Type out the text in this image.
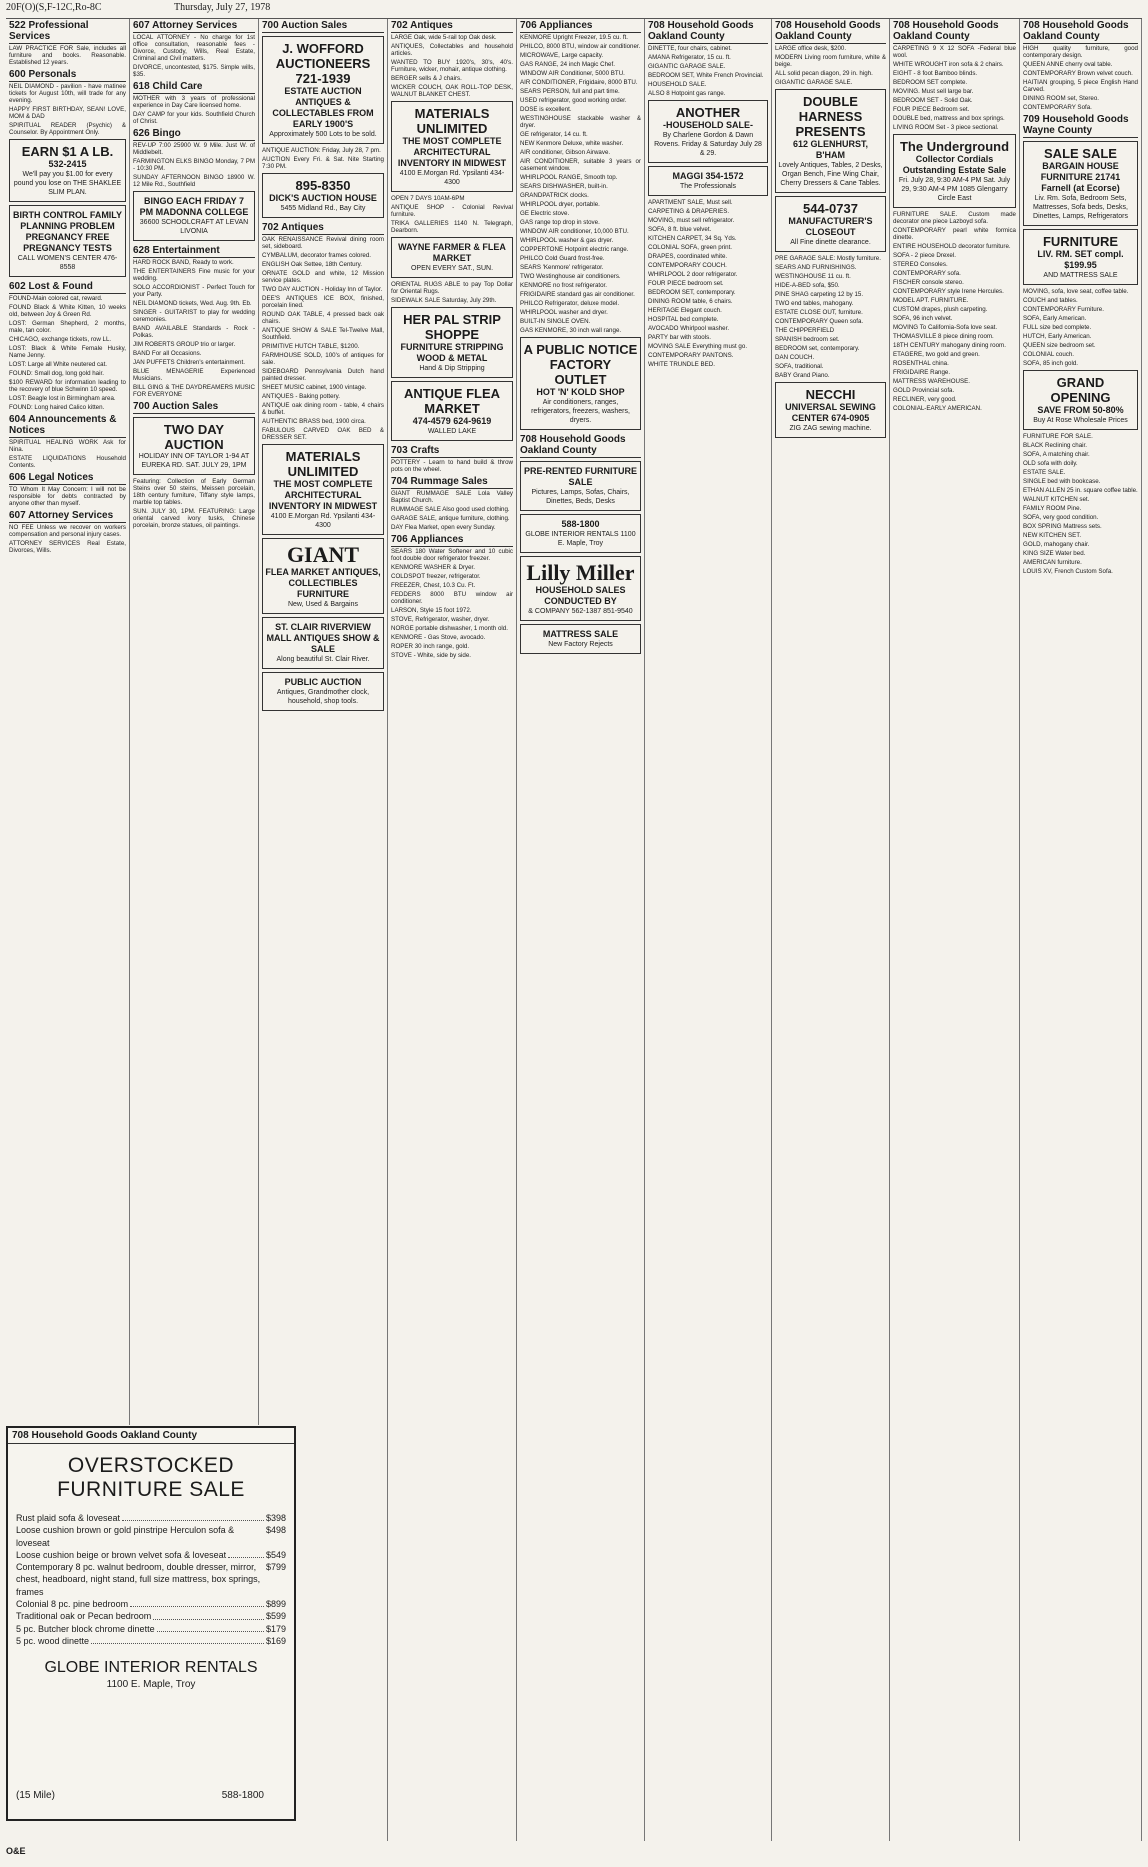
20F(O)(S,F-12C,Ro-8C	Thursday, July 27, 1978
522 Professional Services
LAW PRACTICE FOR Sale, includes all furniture and books. Reasonable. Established 12 years.
600 Personals
NEIL DIAMOND - pavilion - have matinee tickets for August 10th, will trade for any evening.
HAPPY FIRST BIRTHDAY, SEAN! LOVE, MOM & DAD
SPIRITUAL READER (Psychic) & Counselor. By Appointment Only.
EARN $1 A LB.
532-2415
We'll pay you $1.00 for every pound you lose on THE SHAKLEE SLIM PLAN.
BIRTH CONTROL FAMILY PLANNING PROBLEM PREGNANCY FREE PREGNANCY TESTS
CALL WOMEN'S CENTER 476-8558
602 Lost & Found
FOUND-Main colored cat, reward.
FOUND Black & White Kitten, 10 weeks old, between Joy & Green Rd.
LOST: German Shepherd, 2 months, male, tan color.
CHICAGO, exchange tickets, row LL.
LOST: Black & White Female Husky, Name Jenny.
LOST: Large all White neutered cat.
FOUND: Small dog, long gold hair.
$100 REWARD for information leading to the recovery of blue Schwinn 10 speed.
LOST: Beagle lost in Birmingham area.
FOUND: Long haired Calico kitten.
604 Announcements & Notices
SPIRITUAL HEALING WORK Ask for Nina.
ESTATE LIQUIDATIONS Household Contents.
606 Legal Notices
TO Whom It May Concern: I will not be responsible for debts contracted by anyone other than myself.
607 Attorney Services
NO FEE Unless we recover on workers compensation and personal injury cases.
ATTORNEY SERVICES Real Estate, Divorces, Wills.
607 Attorney Services
LOCAL ATTORNEY - No charge for 1st office consultation, reasonable fees - Divorce, Custody, Wills, Real Estate, Criminal and Civil matters.
DIVORCE, uncontested, $175. Simple wills, $35.
618 Child Care
MOTHER with 3 years of professional experience in Day Care licensed home.
DAY CAMP for your kids. Southfield Church of Christ.
626 Bingo
REV-UP 7:00 25900 W. 9 Mile. Just W. of Middlebelt.
FARMINGTON ELKS BINGO Monday, 7 PM - 10:30 PM.
SUNDAY AFTERNOON BINGO 18900 W. 12 Mile Rd., Southfield
BINGO EACH FRIDAY 7 PM MADONNA COLLEGE
36600 SCHOOLCRAFT AT LEVAN LIVONIA
628 Entertainment
HARD ROCK BAND, Ready to work.
THE ENTERTAINERS Fine music for your wedding.
SOLO ACCORDIONIST - Perfect Touch for your Party.
NEIL DIAMOND tickets, Wed. Aug. 9th. Eb.
SINGER - GUITARIST to play for wedding ceremonies.
BAND AVAILABLE Standards - Rock - Polkas.
JIM ROBERTS GROUP trio or larger.
BAND For all Occasions.
JAN PUFFETS Children's entertainment.
BLUE MENAGERIE Experienced Musicians.
BILL GING & THE DAYDREAMERS MUSIC FOR EVERYONE
700 Auction Sales
TWO DAY AUCTION
HOLIDAY INN OF TAYLOR 1-94 AT EUREKA RD. SAT. JULY 29, 1PM
Featuring: Collection of Early German Steins over 50 steins, Meissen porcelain, 18th century furniture, Tiffany style lamps, marble top tables.
SUN. JULY 30, 1PM. FEATURING: Large oriental carved ivory tusks, Chinese porcelain, bronze statues, oil paintings.
700 Auction Sales
J. WOFFORD AUCTIONEERS 721-1939
ESTATE AUCTION ANTIQUES & COLLECTABLES FROM EARLY 1900'S
Approximately 500 Lots to be sold.
ANTIQUE AUCTION: Friday, July 28, 7 pm.
AUCTION Every Fri. & Sat. Nite Starting 7:30 PM.
895-8350
DICK'S AUCTION HOUSE
5455 Midland Rd., Bay City
702 Antiques
OAK RENAISSANCE Revival dining room set, sideboard.
CYMBALUM, decorator frames colored.
ENGLISH Oak Settee, 18th Century.
ORNATE GOLD and white, 12 Mission service plates.
TWO DAY AUCTION - Holiday Inn of Taylor.
DEE'S ANTIQUES ICE BOX, finished, porcelain lined.
ROUND OAK TABLE, 4 pressed back oak chairs.
ANTIQUE SHOW & SALE Tel-Twelve Mall, Southfield.
PRIMITIVE HUTCH TABLE, $1200.
FARMHOUSE SOLD, 100's of antiques for sale.
SIDEBOARD Pennsylvania Dutch hand painted dresser.
SHEET MUSIC cabinet, 1900 vintage.
ANTIQUES - Baking pottery.
ANTIQUE oak dining room - table, 4 chairs & buffet.
AUTHENTIC BRASS bed, 1900 circa.
FABULOUS CARVED OAK BED & DRESSER SET.
MATERIALS UNLIMITED
THE MOST COMPLETE ARCHITECTURAL INVENTORY IN MIDWEST
4100 E.Morgan Rd. Ypsilanti 434-4300
GIANT
FLEA MARKET ANTIQUES, COLLECTIBLES FURNITURE
New, Used & Bargains
ST. CLAIR RIVERVIEW MALL ANTIQUES SHOW & SALE
Along beautiful St. Clair River.
PUBLIC AUCTION
Antiques, Grandmother clock, household, shop tools.
702 Antiques
LARGE Oak, wide 5-rail top Oak desk.
ANTIQUES, Collectables and household articles.
WANTED TO BUY 1920's, 30's, 40's. Furniture, wicker, mohair, antique clothing.
BERGER sells & J chairs.
WICKER COUCH, OAK ROLL-TOP DESK, WALNUT BLANKET CHEST.
MATERIALS UNLIMITED
THE MOST COMPLETE ARCHITECTURAL INVENTORY IN MIDWEST
4100 E.Morgan Rd. Ypsilanti 434-4300
OPEN 7 DAYS 10AM-6PM
ANTIQUE SHOP - Colonial Revival furniture.
TRIKA GALLERIES 1140 N. Telegraph, Dearborn.
WAYNE FARMER & FLEA MARKET
OPEN EVERY SAT., SUN.
ORIENTAL RUGS ABLE to pay Top Dollar for Oriental Rugs.
SIDEWALK SALE Saturday, July 29th.
HER PAL STRIP SHOPPE
FURNITURE STRIPPING WOOD & METAL
Hand & Dip Stripping
ANTIQUE FLEA MARKET
474-4579 624-9619
WALLED LAKE
703 Crafts
POTTERY - Learn to hand build & throw pots on the wheel.
704 Rummage Sales
GIANT RUMMAGE SALE Lola Valley Baptist Church.
RUMMAGE SALE Also good used clothing.
GARAGE SALE, antique furniture, clothing.
DAY Flea Market, open every Sunday.
706 Appliances
SEARS 180 Water Softener and 10 cubic foot double door refrigerator freezer.
KENMORE WASHER & Dryer.
COLDSPOT freezer, refrigerator.
FREEZER, Chest, 10.3 Cu. Ft.
FEDDERS 8000 BTU window air conditioner.
LARSON, Style 15 foot 1972.
STOVE, Refrigerator, washer, dryer.
NORGE portable dishwasher, 1 month old.
KENMORE - Gas Stove, avocado.
ROPER 30 inch range, gold.
STOVE - White, side by side.
706 Appliances
KENMORE Upright Freezer, 19.5 cu. ft.
PHILCO, 8000 BTU, window air conditioner.
MICROWAVE, Large capacity.
GAS RANGE, 24 inch Magic Chef.
WINDOW AIR Conditioner, 5000 BTU.
AIR CONDITIONER, Frigidaire, 8000 BTU.
SEARS PERSON, full and part time.
USED refrigerator, good working order.
DOSE is excellent.
WESTINGHOUSE stackable washer & dryer.
GE refrigerator, 14 cu. ft.
NEW Kenmore Deluxe, white washer.
AIR conditioner, Gibson Airwave.
AIR CONDITIONER, suitable 3 years or casement window.
WHIRLPOOL RANGE, Smooth top.
SEARS DISHWASHER, built-in.
GRANDPATRICK clocks.
WHIRLPOOL dryer, portable.
GE Electric stove.
GAS range top drop in stove.
WINDOW AIR conditioner, 10,000 BTU.
WHIRLPOOL washer & gas dryer.
COPPERTONE Hotpoint electric range.
PHILCO Cold Guard frost-free.
SEARS 'Kenmore' refrigerator.
TWO Westinghouse air conditioners.
KENMORE no frost refrigerator.
FRIGIDAIRE standard gas air conditioner.
PHILCO Refrigerator, deluxe model.
WHIRLPOOL washer and dryer.
BUILT-IN SINGLE OVEN.
GAS KENMORE, 30 inch wall range.
A PUBLIC NOTICE FACTORY OUTLET
HOT 'N' KOLD SHOP
Air conditioners, ranges, refrigerators, freezers, washers, dryers.
708 Household Goods Oakland County
PRE-RENTED FURNITURE SALE
Pictures, Lamps, Sofas, Chairs, Dinettes, Beds, Desks
588-1800
GLOBE INTERIOR RENTALS 1100 E. Maple, Troy
Lilly Miller
HOUSEHOLD SALES CONDUCTED BY
& COMPANY 562-1387 851-9540
MATTRESS SALE
New Factory Rejects
708 Household Goods Oakland County
DINETTE, four chairs, cabinet.
AMANA Refrigerator, 15 cu. ft.
GIGANTIC GARAGE SALE.
BEDROOM SET, White French Provincial.
HOUSEHOLD SALE.
ALSO 8 Hotpoint gas range.
ANOTHER
-HOUSEHOLD SALE-
By Charlene Gordon & Dawn Rovens. Friday & Saturday July 28 & 29.
MAGGI 354-1572
The Professionals
APARTMENT SALE, Must sell.
CARPETING & DRAPERIES.
MOVING, must sell refrigerator.
SOFA, 8 ft. blue velvet.
KITCHEN CARPET, 34 Sq. Yds.
COLONIAL SOFA, green print.
DRAPES, coordinated white.
CONTEMPORARY COUCH.
WHIRLPOOL 2 door refrigerator.
FOUR PIECE bedroom set.
BEDROOM SET, contemporary.
DINING ROOM table, 6 chairs.
HERITAGE Elegant couch.
HOSPITAL bed complete.
AVOCADO Whirlpool washer.
PARTY bar with stools.
MOVING SALE Everything must go.
CONTEMPORARY PANTONS.
WHITE TRUNDLE BED.
708 Household Goods Oakland County
LARGE office desk, $200.
MODERN Living room furniture, white & beige.
ALL solid pecan diagon, 29 in. high.
GIGANTIC GARAGE SALE.
DOUBLE HARNESS PRESENTS
612 GLENHURST, B'HAM
Lovely Antiques, Tables, 2 Desks, Organ Bench, Fine Wing Chair, Cherry Dressers & Cane Tables.
544-0737
MANUFACTURER'S CLOSEOUT
All Fine dinette clearance.
PRE GARAGE SALE: Mostly furniture.
SEARS AND FURNISHINGS.
WESTINGHOUSE 11 cu. ft.
HIDE-A-BED sofa, $50.
PINE SHAG carpeting 12 by 15.
TWO end tables, mahogany.
ESTATE CLOSE OUT, furniture.
CONTEMPORARY Queen sofa.
THE CHIPPERFIELD
SPANISH bedroom set.
BEDROOM set, contemporary.
DAN COUCH.
SOFA, traditional.
BABY Grand Piano.
NECCHI
UNIVERSAL SEWING CENTER 674-0905
ZIG ZAG sewing machine.
708 Household Goods Oakland County
CARPETING 9 X 12 SOFA -Federal blue wool.
WHITE WROUGHT iron sofa & 2 chairs.
EIGHT - 8 foot Bamboo blinds.
BEDROOM SET complete.
MOVING. Must sell large bar.
BEDROOM SET - Solid Oak.
FOUR PIECE Bedroom set.
DOUBLE bed, mattress and box springs.
LIVING ROOM Set - 3 piece sectional.
The Underground
Collector Cordials Outstanding Estate Sale
Fri. July 28, 9:30 AM-4 PM Sat. July 29, 9:30 AM-4 PM 1085 Glengarry Circle East
FURNITURE SALE. Custom made decorator one piece Lazboyd sofa.
CONTEMPORARY pearl white formica dinette.
ENTIRE HOUSEHOLD decorator furniture.
SOFA - 2 piece Drexel.
STEREO Consoles.
CONTEMPORARY sofa.
FISCHER console stereo.
CONTEMPORARY style Irene Hercules.
MODEL APT. FURNITURE.
CUSTOM drapes, plush carpeting.
SOFA, 96 inch velvet.
MOVING To California-Sofa love seat.
THOMASVILLE 8 piece dining room.
18TH CENTURY mahogany dining room.
ETAGERE, two gold and green.
ROSENTHAL china.
FRIGIDAIRE Range.
MATTRESS WAREHOUSE.
GOLD Provincial sofa.
RECLINER, very good.
COLONIAL-EARLY AMERICAN.
708 Household Goods Oakland County
HIGH quality furniture, good contemporary design.
QUEEN ANNE cherry oval table.
CONTEMPORARY Brown velvet couch.
HAITIAN grouping, 5 piece English Hand Carved.
DINING ROOM set, Stereo.
CONTEMPORARY Sofa.
709 Household Goods Wayne County
SALE SALE
BARGAIN HOUSE FURNITURE 21741 Farnell (at Ecorse)
Liv. Rm. Sofa, Bedroom Sets, Mattresses, Sofa beds, Desks, Dinettes, Lamps, Refrigerators
FURNITURE
LIV. RM. SET compl. $199.95
AND MATTRESS SALE
MOVING, sofa, love seat, coffee table.
COUCH and tables.
CONTEMPORARY Furniture.
SOFA, Early American.
FULL size bed complete.
HUTCH, Early American.
QUEEN size bedroom set.
COLONIAL couch.
SOFA, 85 inch gold.
GRAND OPENING
SAVE FROM 50-80%
Buy At Rose Wholesale Prices
FURNITURE FOR SALE.
BLACK Reclining chair.
SOFA, A matching chair.
OLD sofa with doily.
ESTATE SALE.
SINGLE bed with bookcase.
ETHAN ALLEN 25 in. square coffee table.
WALNUT KITCHEN set.
FAMILY ROOM Pine.
SOFA, very good condition.
BOX SPRING Mattress sets.
NEW KITCHEN SET.
GOLD, mahogany chair.
KING SIZE Water bed.
AMERICAN furniture.
LOUIS XV, French Custom Sofa.
708 Household Goods Oakland County
OVERSTOCKED
FURNITURE SALE
Rust plaid sofa & loveseat	$398
Loose cushion brown or gold pinstripe Herculon sofa & loveseat
$498
Loose cushion beige or brown velvet sofa & loveseat	$549
Contemporary 8 pc. walnut bedroom, double dresser, mirror, chest, headboard, night stand, full size mattress, box springs, frames
$799
Colonial 8 pc. pine bedroom	$899
Traditional oak or Pecan bedroom	$599
5 pc. Butcher block chrome dinette	$179
5 pc. wood dinette	$169
GLOBE INTERIOR RENTALS
1100 E. Maple, Troy
(15 Mile)	588-1800
O&E
